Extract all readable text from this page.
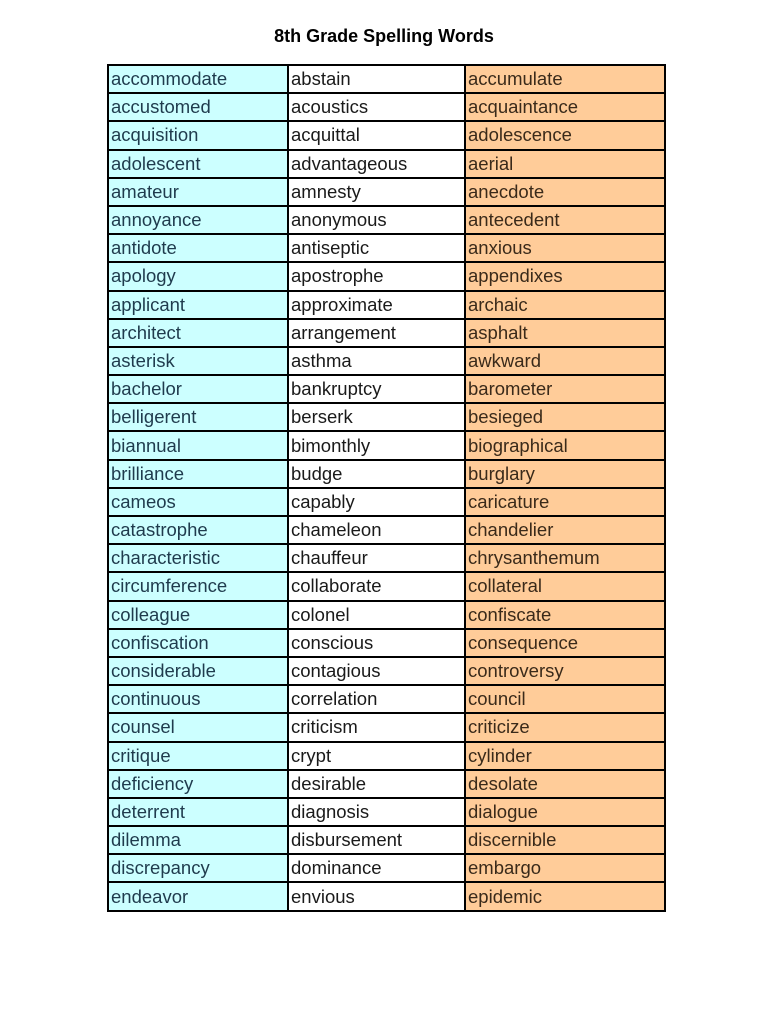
8th Grade Spelling Words
accommodate	abstain	accumulate
accustomed	acoustics	acquaintance
acquisition	acquittal	adolescence
adolescent	advantageous	aerial
amateur	amnesty	anecdote
annoyance	anonymous	antecedent
antidote	antiseptic	anxious
apology	apostrophe	appendixes
applicant	approximate	archaic
architect	arrangement	asphalt
asterisk	asthma	awkward
bachelor	bankruptcy	barometer
belligerent	berserk	besieged
biannual	bimonthly	biographical
brilliance	budge	burglary
cameos	capably	caricature
catastrophe	chameleon	chandelier
characteristic	chauffeur	chrysanthemum
circumference	collaborate	collateral
colleague	colonel	confiscate
confiscation	conscious	consequence
considerable	contagious	controversy
continuous	correlation	council
counsel	criticism	criticize
critique	crypt	cylinder
deficiency	desirable	desolate
deterrent	diagnosis	dialogue
dilemma	disbursement	discernible
discrepancy	dominance	embargo
endeavor	envious	epidemic
